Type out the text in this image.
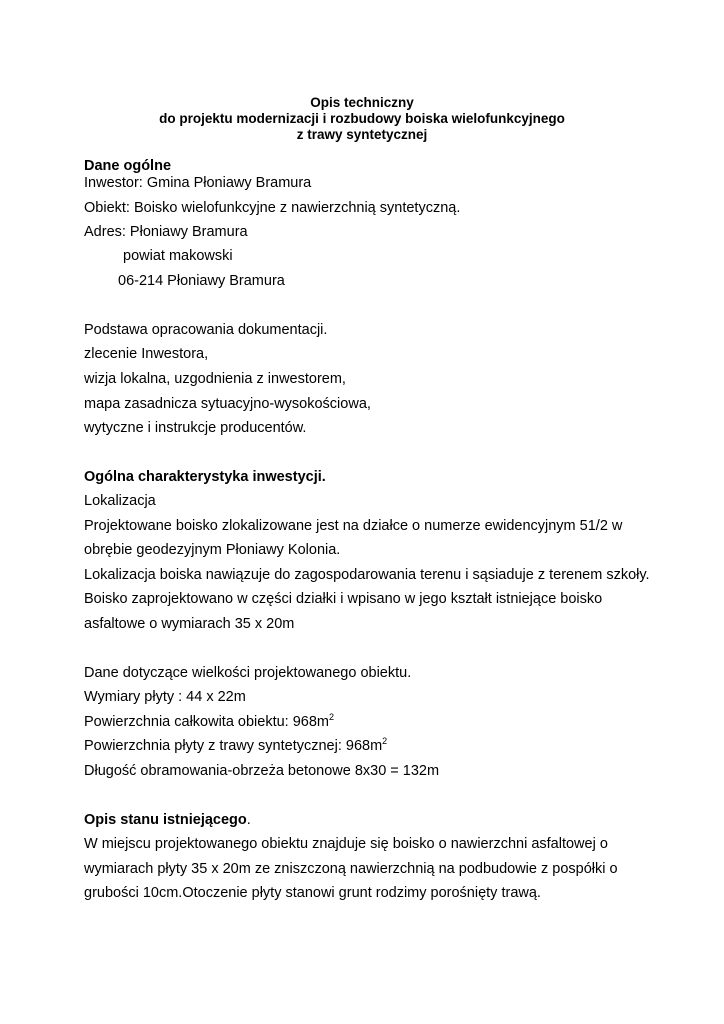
Opis techniczny
do projektu modernizacji i rozbudowy boiska wielofunkcyjnego
z trawy syntetycznej
Dane ogólne
Inwestor: Gmina Płoniawy Bramura
Obiekt: Boisko wielofunkcyjne z nawierzchnią syntetyczną.
Adres: Płoniawy Bramura
powiat makowski
06-214 Płoniawy Bramura
Podstawa opracowania dokumentacji.
zlecenie Inwestora,
wizja lokalna, uzgodnienia z inwestorem,
mapa zasadnicza sytuacyjno-wysokościowa,
wytyczne i instrukcje producentów.
Ogólna charakterystyka inwestycji.
Lokalizacja
Projektowane boisko zlokalizowane jest na działce o numerze ewidencyjnym 51/2 w
obrębie geodezyjnym Płoniawy Kolonia.
Lokalizacja boiska nawiązuje do zagospodarowania terenu i sąsiaduje z terenem szkoły.
Boisko zaprojektowano w części działki i wpisano w jego kształt istniejące boisko
asfaltowe o wymiarach 35 x 20m
Dane dotyczące wielkości projektowanego obiektu.
Wymiary płyty : 44 x 22m
Powierzchnia całkowita obiektu: $968m^2$
Powierzchnia płyty z trawy syntetycznej: $968m^2$
Długość obramowania-obrzeża betonowe 8x30 = 132m
Opis stanu istniejącego.
W miejscu projektowanego obiektu znajduje się boisko o nawierzchni asfaltowej o
wymiarach płyty 35 x 20m ze zniszczoną nawierzchnią na podbudowie z pospółki o
grubości 10cm.Otoczenie płyty stanowi grunt rodzimy porośnięty trawą.
